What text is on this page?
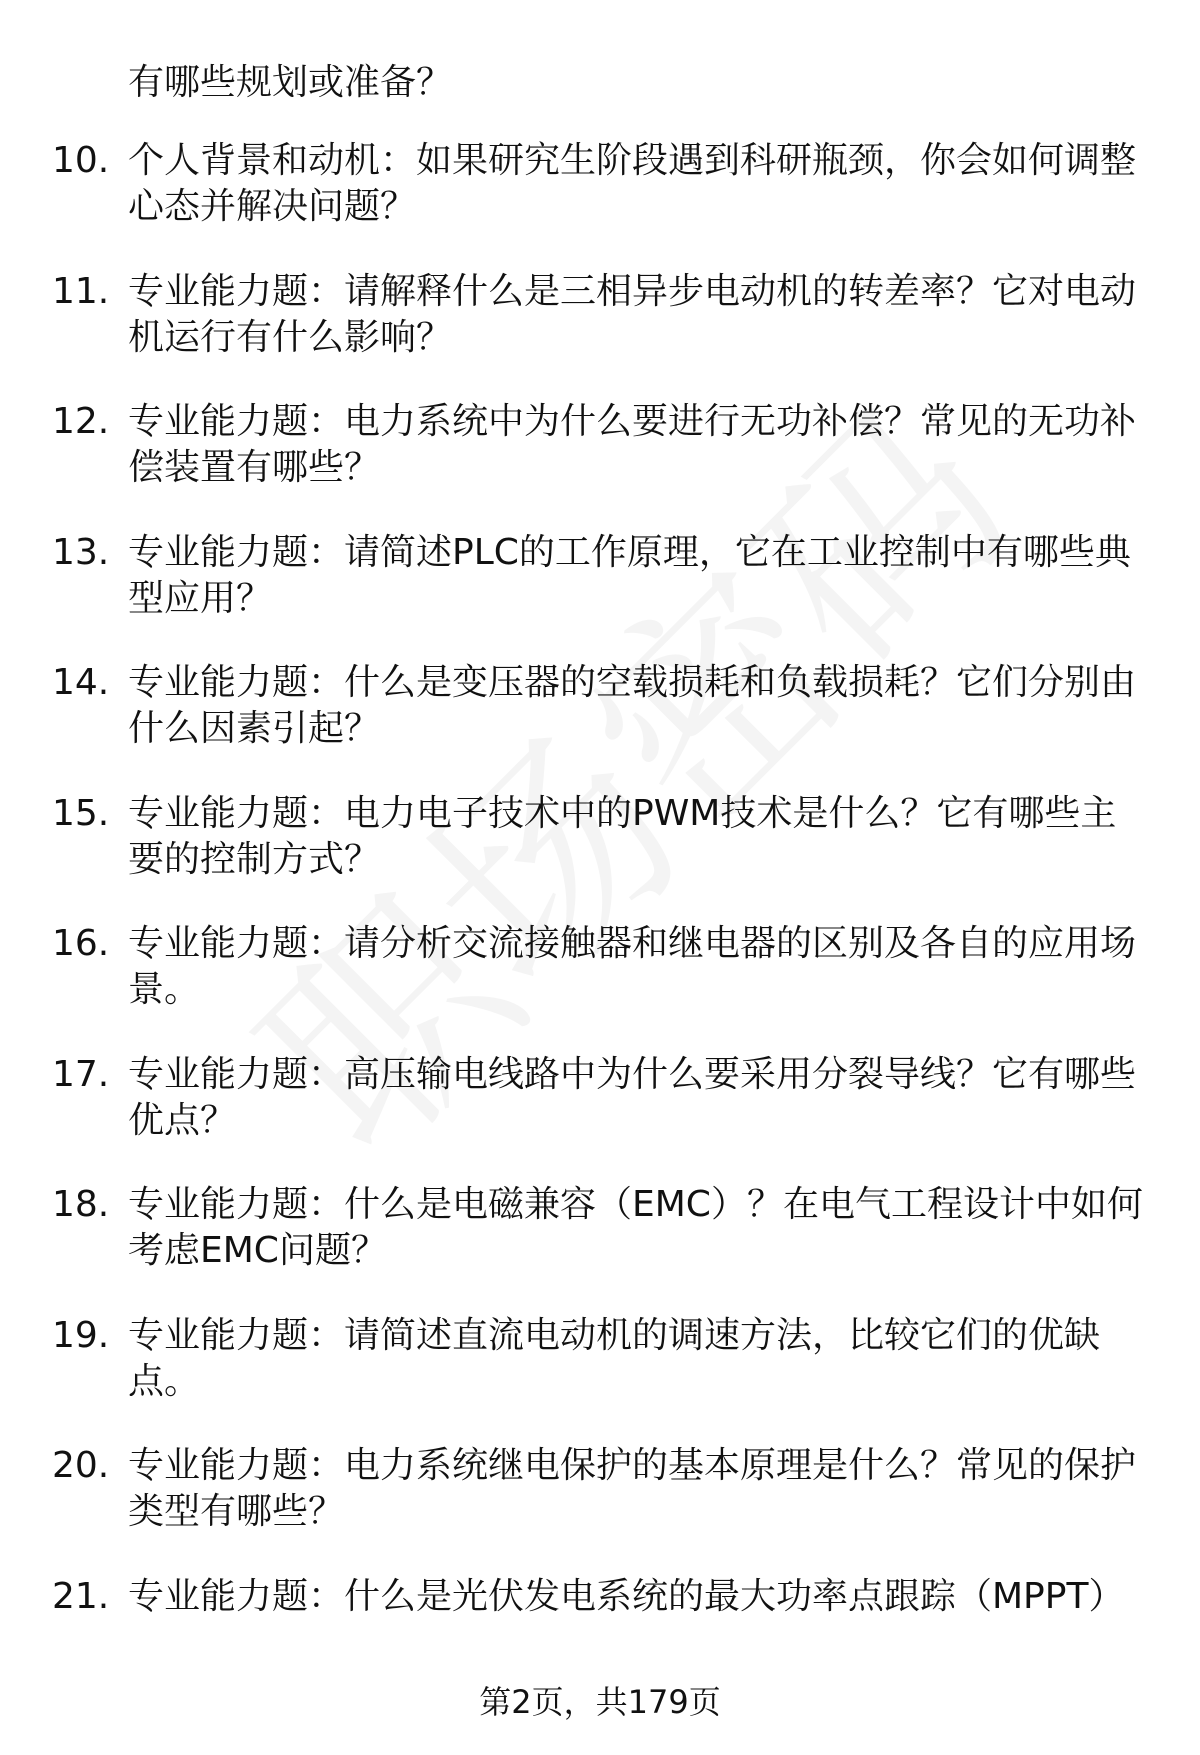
有哪些规划或准备？
10. 个人背景和动机：如果研究生阶段遇到科研瓶颈，你会如何调整
心态并解决问题？
11. 专业能力题：请解释什么是三相异步电动机的转差率？它对电动
机运行有什么影响？
12. 专业能力题：电力系统中为什么要进行无功补偿？常见的无功补
偿装置有哪些？
13. 专业能力题：请简述PLC的工作原理，它在工业控制中有哪些典
型应用？
14. 专业能力题：什么是变压器的空载损耗和负载损耗？它们分别由
什么因素引起？
15. 专业能力题：电力电子技术中的PWM技术是什么？它有哪些主
要的控制方式？
16. 专业能力题：请分析交流接触器和继电器的区别及各自的应用场
景。
17. 专业能力题：高压输电线路中为什么要采用分裂导线？它有哪些
优点？
18. 专业能力题：什么是电磁兼容（EMC）？在电气工程设计中如何
考虑EMC问题？
19. 专业能力题：请简述直流电动机的调速方法，比较它们的优缺
点。
20. 专业能力题：电力系统继电保护的基本原理是什么？常见的保护
类型有哪些？
21. 专业能力题：什么是光伏发电系统的最大功率点跟踪（MPPT）
第2页，共179页
